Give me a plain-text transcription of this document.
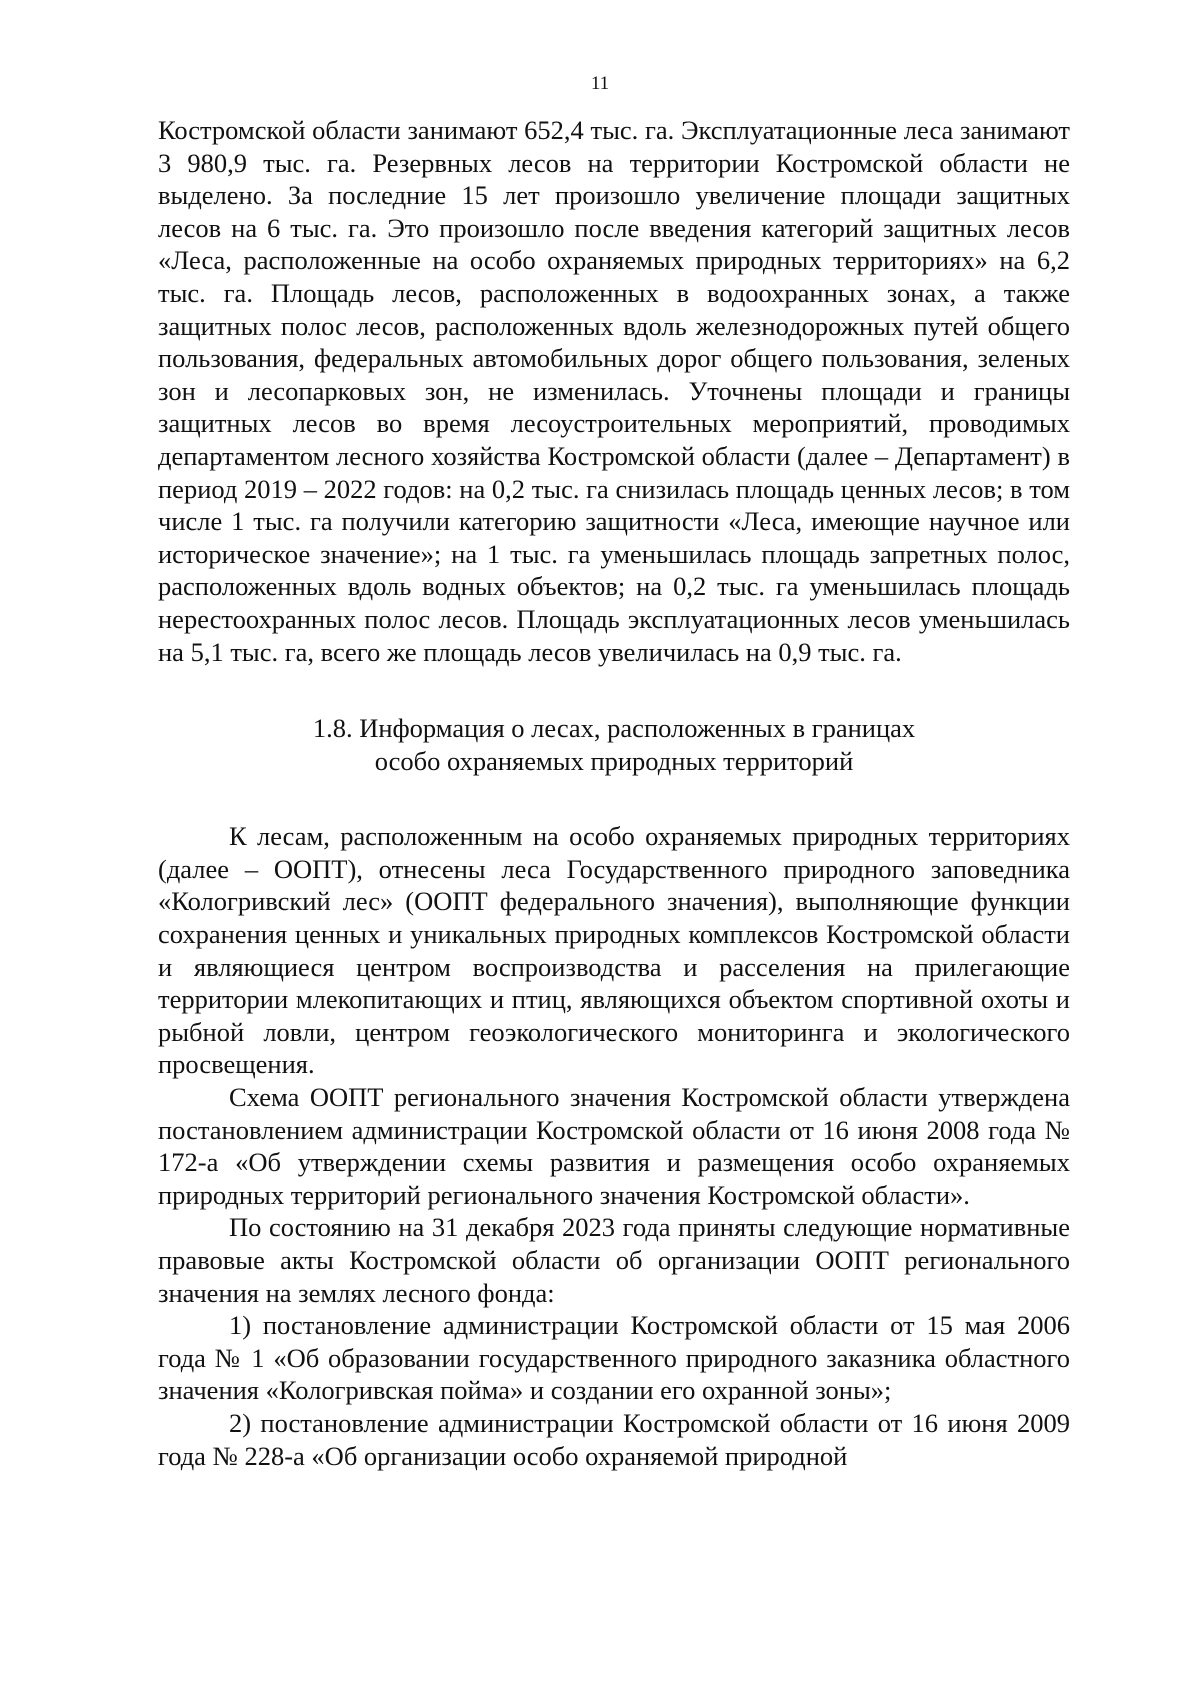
11

Костромской области занимают 652,4 тыс. га. Эксплуатационные леса занимают 3 980,9 тыс. га. Резервных лесов на территории Костромской области не выделено. За последние 15 лет произошло увеличение площади защитных лесов на 6 тыс. га. Это произошло после введения категорий защитных лесов «Леса, расположенные на особо охраняемых природных территориях» на 6,2 тыс. га. Площадь лесов, расположенных в водоохранных зонах, а также защитных полос лесов, расположенных вдоль железнодорожных путей общего пользования, федеральных автомобильных дорог общего пользования, зеленых зон и лесопарковых зон, не изменилась. Уточнены площади и границы защитных лесов во время лесоустроительных мероприятий, проводимых департаментом лесного хозяйства Костромской области (далее – Департамент) в период 2019 – 2022 годов: на 0,2 тыс. га снизилась площадь ценных лесов; в том числе 1 тыс. га получили категорию защитности «Леса, имеющие научное или историческое значение»; на 1 тыс. га уменьшилась площадь запретных полос, расположенных вдоль водных объектов; на 0,2 тыс. га уменьшилась площадь нерестоохранных полос лесов. Площадь эксплуатационных лесов уменьшилась на 5,1 тыс. га, всего же площадь лесов увеличилась на 0,9 тыс. га.

1.8. Информация о лесах, расположенных в границах
особо охраняемых природных территорий

К лесам, расположенным на особо охраняемых природных территориях (далее – ООПТ), отнесены леса Государственного природного заповедника «Кологривский лес» (ООПТ федерального значения), выполняющие функции сохранения ценных и уникальных природных комплексов Костромской области и являющиеся центром воспроизводства и расселения на прилегающие территории млекопитающих и птиц, являющихся объектом спортивной охоты и рыбной ловли, центром геоэкологического мониторинга и экологического просвещения.

Схема ООПТ регионального значения Костромской области утверждена постановлением администрации Костромской области от 16 июня 2008 года № 172-а «Об утверждении схемы развития и размещения особо охраняемых природных территорий регионального значения Костромской области».

По состоянию на 31 декабря 2023 года приняты следующие нормативные правовые акты Костромской области об организации ООПТ регионального значения на землях лесного фонда:

1) постановление администрации Костромской области от 15 мая 2006 года № 1 «Об образовании государственного природного заказника областного значения «Кологривская пойма» и создании его охранной зоны»;

2) постановление администрации Костромской области от 16 июня 2009 года № 228-а «Об организации особо охраняемой природной
